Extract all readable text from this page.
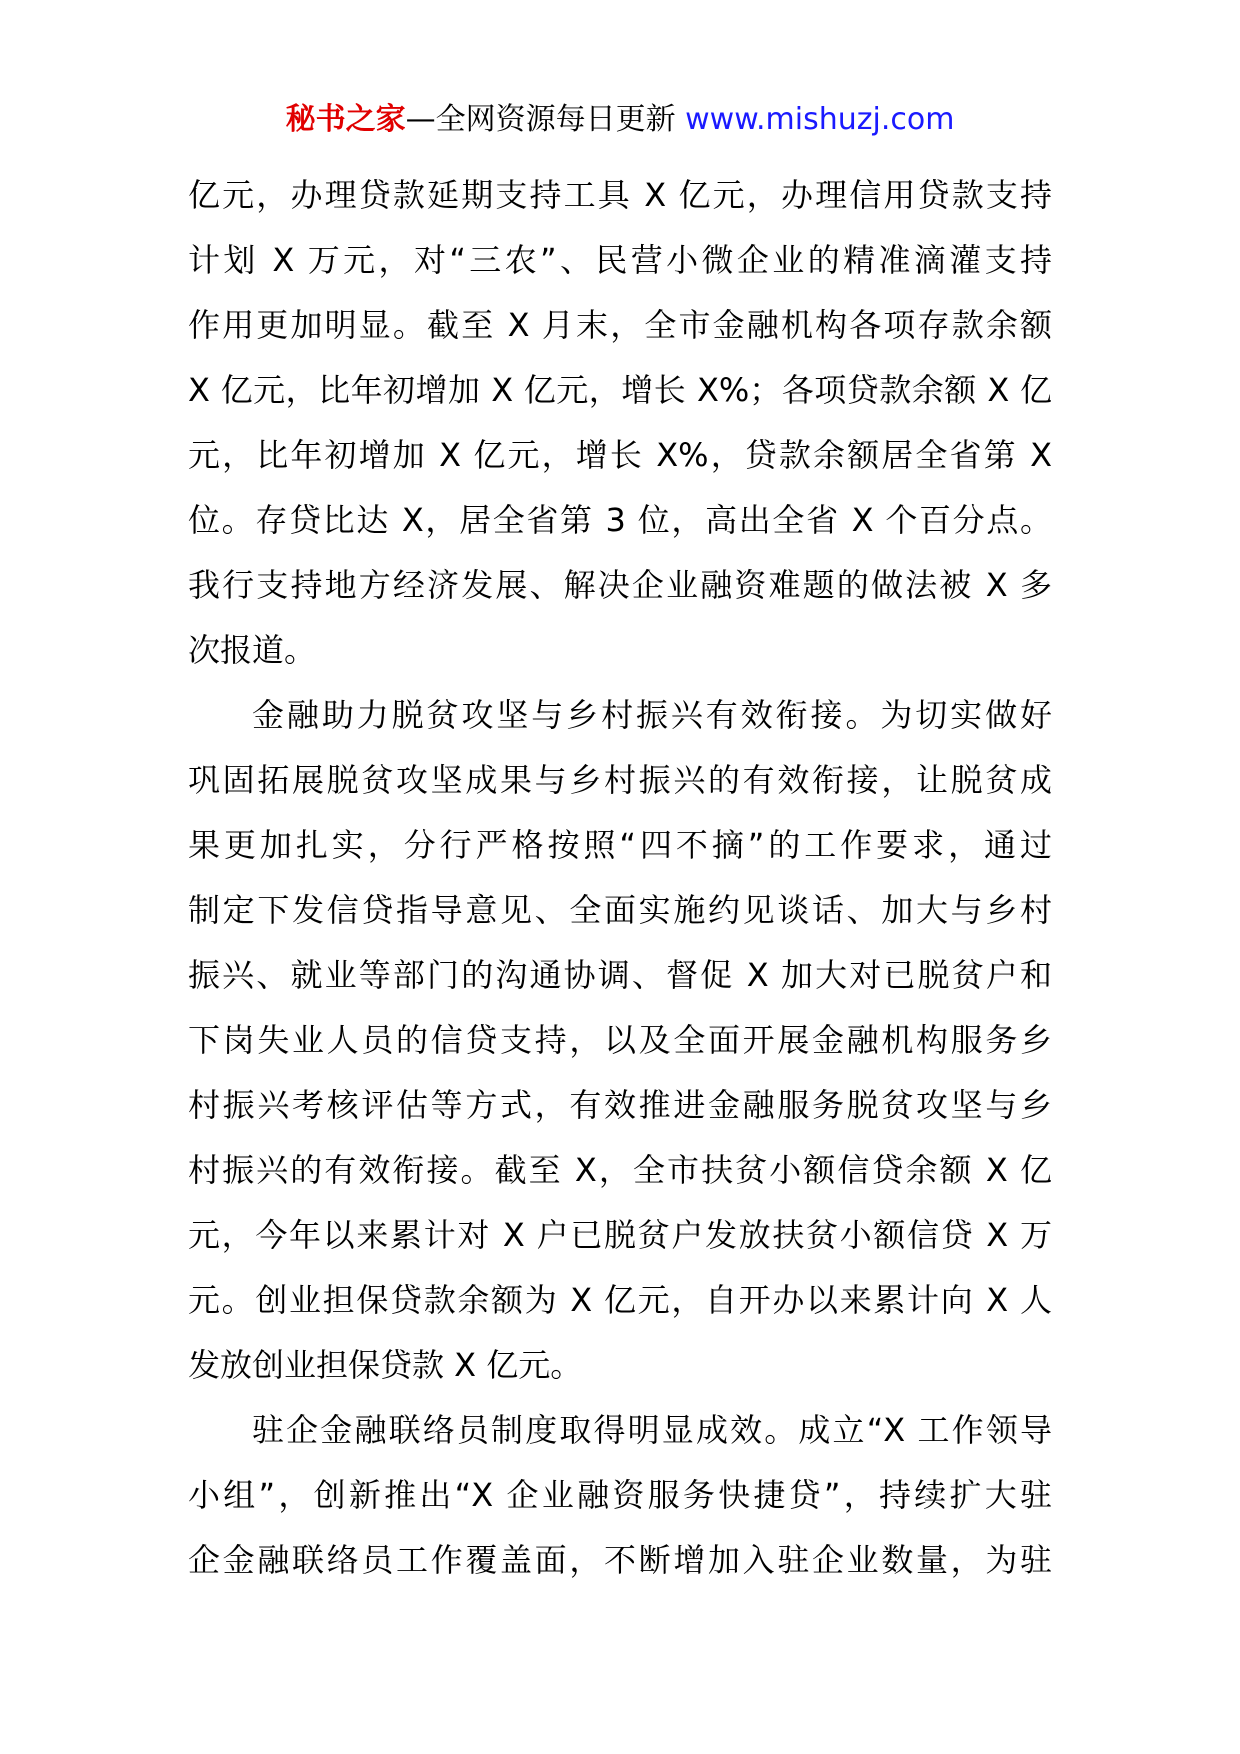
秘书之家—全网资源每日更新 www.mishuzj.com
亿元，办理贷款延期支持工具 X 亿元，办理信用贷款支持
计划 X 万元，对“三农”、民营小微企业的精准滴灌支持
作用更加明显。截至 X 月末，全市金融机构各项存款余额
X 亿元，比年初增加 X 亿元，增长 X%；各项贷款余额 X 亿
元，比年初增加 X 亿元，增长 X%，贷款余额居全省第 X
位。存贷比达 X，居全省第 3 位，高出全省 X 个百分点。
我行支持地方经济发展、解决企业融资难题的做法被 X 多
次报道。
金融助力脱贫攻坚与乡村振兴有效衔接。为切实做好
巩固拓展脱贫攻坚成果与乡村振兴的有效衔接，让脱贫成
果更加扎实，分行严格按照“四不摘”的工作要求，通过
制定下发信贷指导意见、全面实施约见谈话、加大与乡村
振兴、就业等部门的沟通协调、督促 X 加大对已脱贫户和
下岗失业人员的信贷支持，以及全面开展金融机构服务乡
村振兴考核评估等方式，有效推进金融服务脱贫攻坚与乡
村振兴的有效衔接。截至 X，全市扶贫小额信贷余额 X 亿
元，今年以来累计对 X 户已脱贫户发放扶贫小额信贷 X 万
元。创业担保贷款余额为 X 亿元，自开办以来累计向 X 人
发放创业担保贷款 X 亿元。
驻企金融联络员制度取得明显成效。成立“X 工作领导
小组”，创新推出“X 企业融资服务快捷贷”，持续扩大驻
企金融联络员工作覆盖面，不断增加入驻企业数量，为驻
